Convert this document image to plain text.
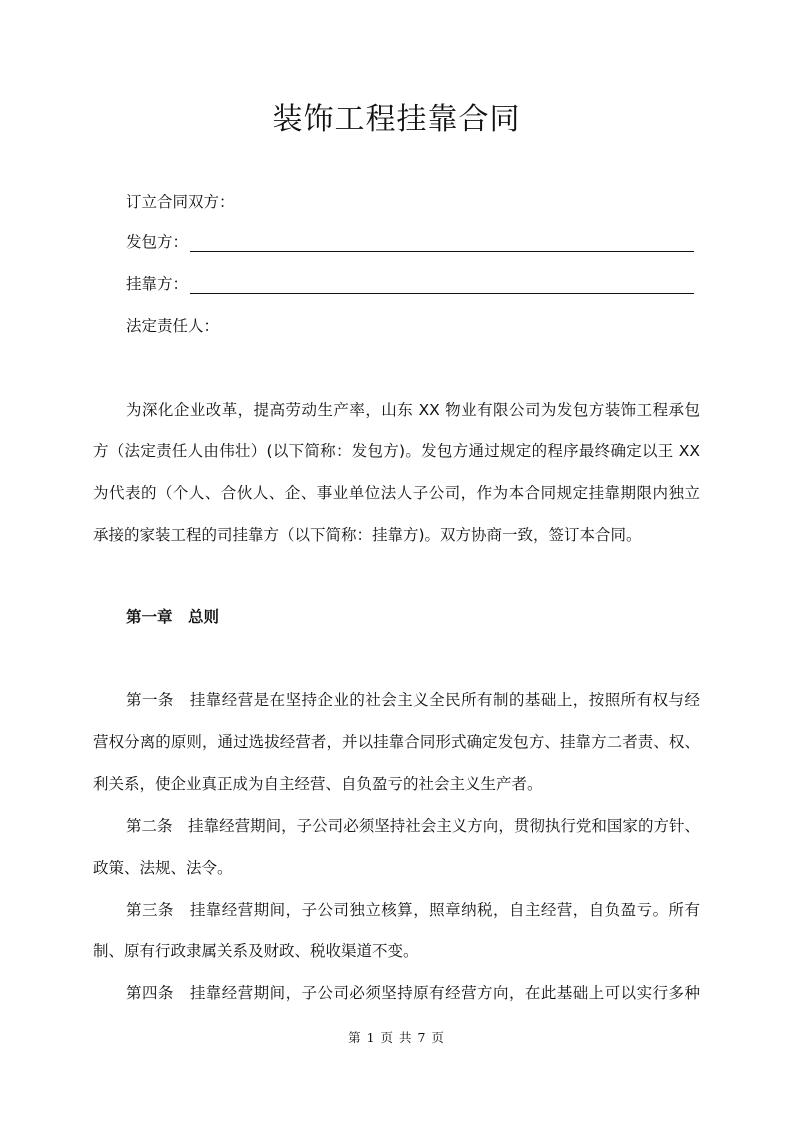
装饰工程挂靠合同
订立合同双方：
发包方：
挂靠方：
法定责任人：
为深化企业改革，提高劳动生产率，山东 XX 物业有限公司为发包方装饰工程承包
方（法定责任人由伟壮）(以下简称：发包方)。发包方通过规定的程序最终确定以王 XX
为代表的（个人、合伙人、企、事业单位法人子公司，作为本合同规定挂靠期限内独立
承接的家装工程的司挂靠方（以下简称：挂靠方)。双方协商一致，签订本合同。
第一章　总则
第一条　挂靠经营是在坚持企业的社会主义全民所有制的基础上，按照所有权与经
营权分离的原则，通过选拔经营者，并以挂靠合同形式确定发包方、挂靠方二者责、权、
利关系，使企业真正成为自主经营、自负盈亏的社会主义生产者。
第二条　挂靠经营期间，子公司必须坚持社会主义方向，贯彻执行党和国家的方针、
政策、法规、法令。
第三条　挂靠经营期间，子公司独立核算，照章纳税，自主经营，自负盈亏。所有
制、原有行政隶属关系及财政、税收渠道不变。
第四条　挂靠经营期间，子公司必须坚持原有经营方向，在此基础上可以实行多种
第 1 页 共 7 页
